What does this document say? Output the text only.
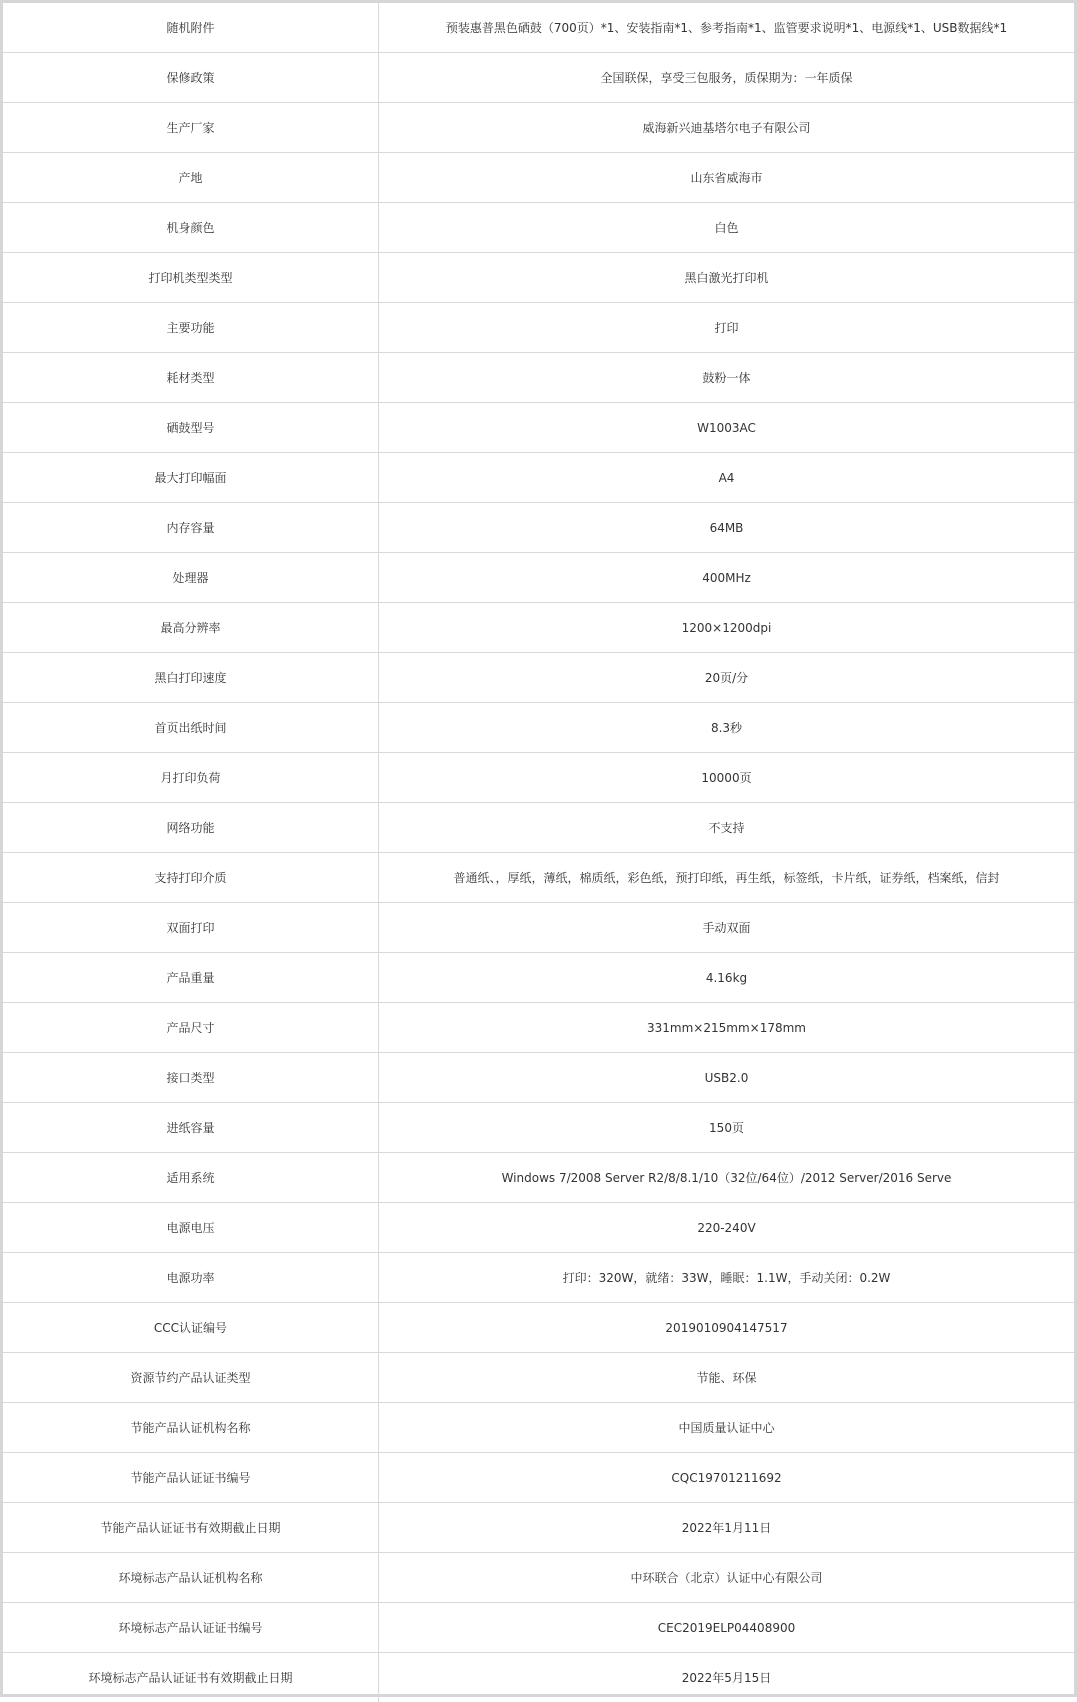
随机附件	预装惠普黑色硒鼓（700页）*1、安装指南*1、参考指南*1、监管要求说明*1、电源线*1、USB数据线*1
保修政策	全国联保，享受三包服务，质保期为：一年质保
生产厂家	威海新兴迪基塔尔电子有限公司
产地	山东省威海市
机身颜色	白色
打印机类型类型	黑白激光打印机
主要功能	打印
耗材类型	鼓粉一体
硒鼓型号	W1003AC
最大打印幅面	A4
内存容量	64MB
处理器	400MHz
最高分辨率	1200×1200dpi
黑白打印速度	20页/分
首页出纸时间	8.3秒
月打印负荷	10000页
网络功能	不支持
支持打印介质	普通纸、，厚纸，薄纸，棉质纸，彩色纸，预打印纸，再生纸，标签纸，卡片纸，证券纸，档案纸，信封
双面打印	手动双面
产品重量	4.16kg
产品尺寸	331mm×215mm×178mm
接口类型	USB2.0
进纸容量	150页
适用系统	Windows 7/2008 Server R2/8/8.1/10（32位/64位）/2012 Server/2016 Serve
电源电压	220-240V
电源功率	打印：320W，就绪：33W，睡眠：1.1W，手动关闭：0.2W
CCC认证编号	2019010904147517
资源节约产品认证类型	节能、环保
节能产品认证机构名称	中国质量认证中心
节能产品认证证书编号	CQC19701211692
节能产品认证证书有效期截止日期	2022年1月11日
环境标志产品认证机构名称	中环联合（北京）认证中心有限公司
环境标志产品认证证书编号	CEC2019ELP04408900
环境标志产品认证证书有效期截止日期	2022年5月15日
